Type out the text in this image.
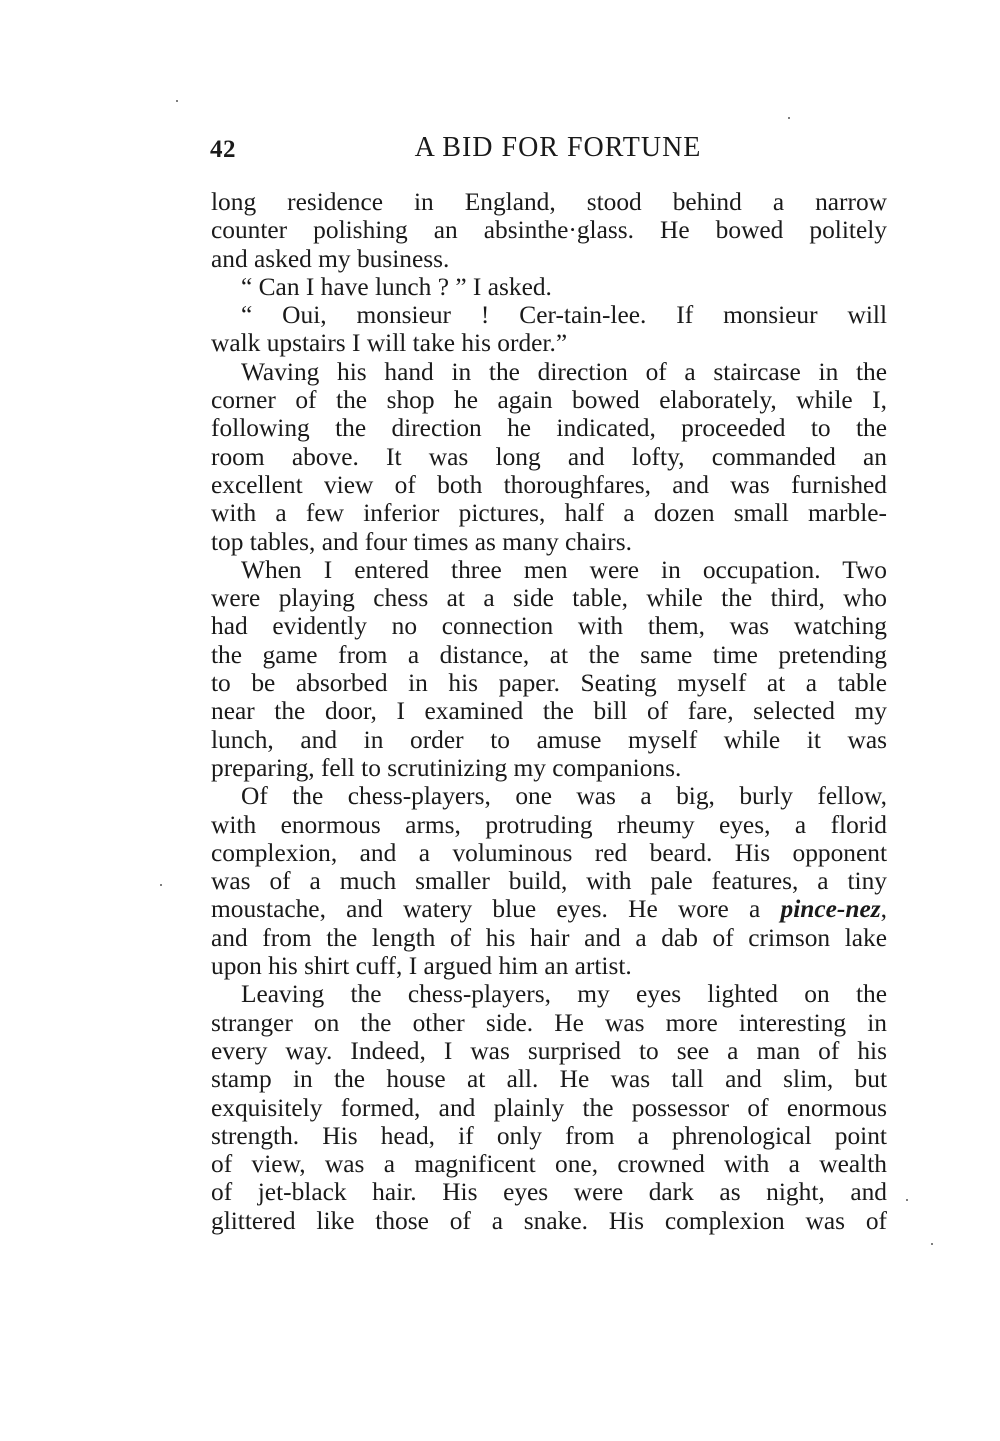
42	A BID FOR FORTUNE
long residence in England, stood behind a narrow
counter polishing an absinthe·glass. He bowed politely
and asked my business.
“ Can I have lunch ? ” I asked.
“ Oui, monsieur ! Cer-tain-lee. If monsieur will
walk upstairs I will take his order.”
Waving his hand in the direction of a staircase in the
corner of the shop he again bowed elaborately, while I,
following the direction he indicated, proceeded to the
room above. It was long and lofty, commanded an
excellent view of both thoroughfares, and was furnished
with a few inferior pictures, half a dozen small marble-
top tables, and four times as many chairs.
When I entered three men were in occupation. Two
were playing chess at a side table, while the third, who
had evidently no connection with them, was watching
the game from a distance, at the same time pretending
to be absorbed in his paper. Seating myself at a table
near the door, I examined the bill of fare, selected my
lunch, and in order to amuse myself while it was
preparing, fell to scrutinizing my companions.
Of the chess-players, one was a big, burly fellow,
with enormous arms, protruding rheumy eyes, a florid
complexion, and a voluminous red beard. His opponent
was of a much smaller build, with pale features, a tiny
moustache, and watery blue eyes. He wore a pince-nez,
and from the length of his hair and a dab of crimson lake
upon his shirt cuff, I argued him an artist.
Leaving the chess-players, my eyes lighted on the
stranger on the other side. He was more interesting in
every way. Indeed, I was surprised to see a man of his
stamp in the house at all. He was tall and slim, but
exquisitely formed, and plainly the possessor of enormous
strength. His head, if only from a phrenological point
of view, was a magnificent one, crowned with a wealth
of jet-black hair. His eyes were dark as night, and
glittered like those of a snake. His complexion was of
